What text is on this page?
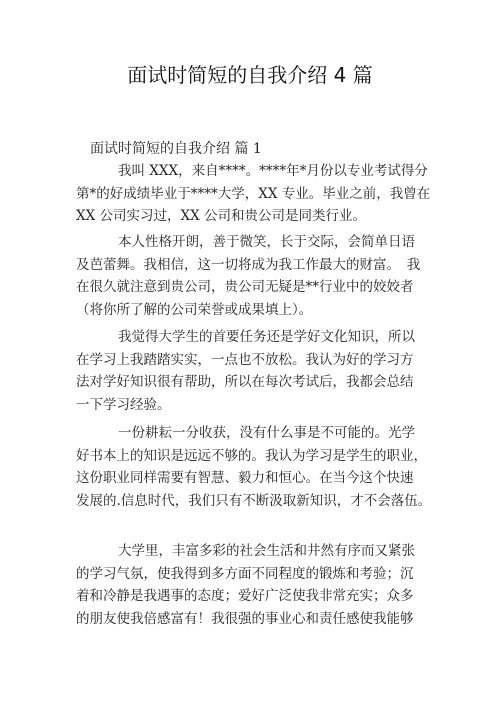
面试时简短的自我介绍 4 篇
面试时简短的自我介绍 篇 1
我叫 XXX，来自****。****年*月份以专业考试得分
第*的好成绩毕业于****大学，XX 专业。毕业之前，我曾在
XX 公司实习过，XX 公司和贵公司是同类行业。
本人性格开朗，善于微笑，长于交际，会简单日语
及芭蕾舞。我相信，这一切将成为我工作最大的财富。　我
在很久就注意到贵公司，贵公司无疑是**行业中的姣姣者
（将你所了解的公司荣誉或成果填上）。
我觉得大学生的首要任务还是学好文化知识，所以
在学习上我踏踏实实，一点也不放松。我认为好的学习方
法对学好知识很有帮助，所以在每次考试后，我都会总结
一下学习经验。
一份耕耘一分收获，没有什么事是不可能的。光学
好书本上的知识是远远不够的。我认为学习是学生的职业，
这份职业同样需要有智慧、毅力和恒心。在当今这个快速
发展的.信息时代，我们只有不断汲取新知识，才不会落伍。
大学里，丰富多彩的社会生活和井然有序而又紧张
的学习气氛，使我得到多方面不同程度的锻炼和考验；沉
着和冷静是我遇事的态度；爱好广泛使我非常充实；众多
的朋友使我倍感富有！我很强的事业心和责任感使我能够
